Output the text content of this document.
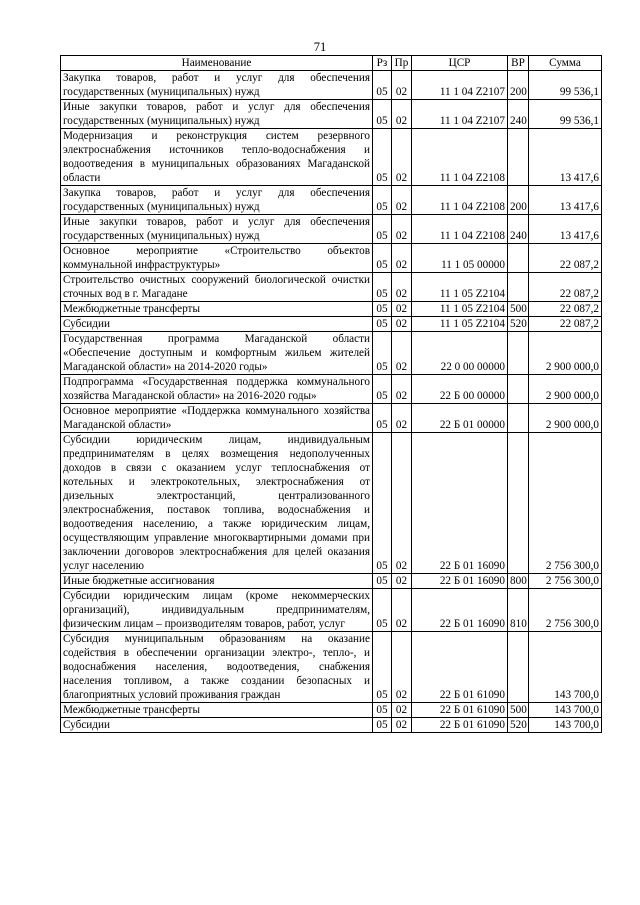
71
Наименование	Рз	Пр	ЦСР	ВР	Сумма

Закупка товаров, работ и услуг для обеспечения государственных (муниципальных) нужд	05	02	11 1 04 Z2107	200	99 536,1

Иные закупки товаров, работ и услуг для обеспечения государственных (муниципальных) нужд	05	02	11 1 04 Z2107	240	99 536,1

Модернизация и реконструкция систем резервного электроснабжения источников тепло-водоснабжения и водоотведения в муниципальных образованиях Магаданской области	05	02	11 1 04 Z2108		13 417,6

Закупка товаров, работ и услуг для обеспечения государственных (муниципальных) нужд	05	02	11 1 04 Z2108	200	13 417,6

Иные закупки товаров, работ и услуг для обеспечения государственных (муниципальных) нужд	05	02	11 1 04 Z2108	240	13 417,6

Основное мероприятие «Строительство объектов коммунальной инфраструктуры»	05	02	11 1 05 00000		22 087,2

Строительство очистных сооружений биологической очистки сточных вод в г. Магадане	05	02	11 1 05 Z2104		22 087,2

Межбюджетные трансферты	05	02	11 1 05 Z2104	500	22 087,2

Субсидии	05	02	11 1 05 Z2104	520	22 087,2

Государственная программа Магаданской области «Обеспечение доступным и комфортным жильем жителей Магаданской области» на 2014-2020 годы»	05	02	22 0 00 00000		2 900 000,0

Подпрограмма «Государственная поддержка коммунального хозяйства Магаданской области» на 2016-2020 годы»	05	02	22 Б 00 00000		2 900 000,0

Основное мероприятие «Поддержка коммунального хозяйства Магаданской области»	05	02	22 Б 01 00000		2 900 000,0

Субсидии юридическим лицам, индивидуальным предпринимателям в целях возмещения недополученных доходов в связи с оказанием услуг теплоснабжения от котельных и электрокотельных, электроснабжения от дизельных электростанций, централизованного электроснабжения, поставок топлива, водоснабжения и водоотведения населению, а также юридическим лицам, осуществляющим управление многоквартирными домами при заключении договоров электроснабжения для целей оказания услуг населению	05	02	22 Б 01 16090		2 756 300,0

Иные бюджетные ассигнования	05	02	22 Б 01 16090	800	2 756 300,0

Субсидии юридическим лицам (кроме некоммерческих организаций), индивидуальным предпринимателям, физическим лицам – производителям товаров, работ, услуг	05	02	22 Б 01 16090	810	2 756 300,0

Субсидия муниципальным образованиям на оказание содействия в обеспечении организации электро-, тепло-, и водоснабжения населения, водоотведения, снабжения населения топливом, а также создании безопасных и благоприятных условий проживания граждан	05	02	22 Б 01 61090		143 700,0

Межбюджетные трансферты	05	02	22 Б 01 61090	500	143 700,0

Субсидии	05	02	22 Б 01 61090	520	143 700,0
